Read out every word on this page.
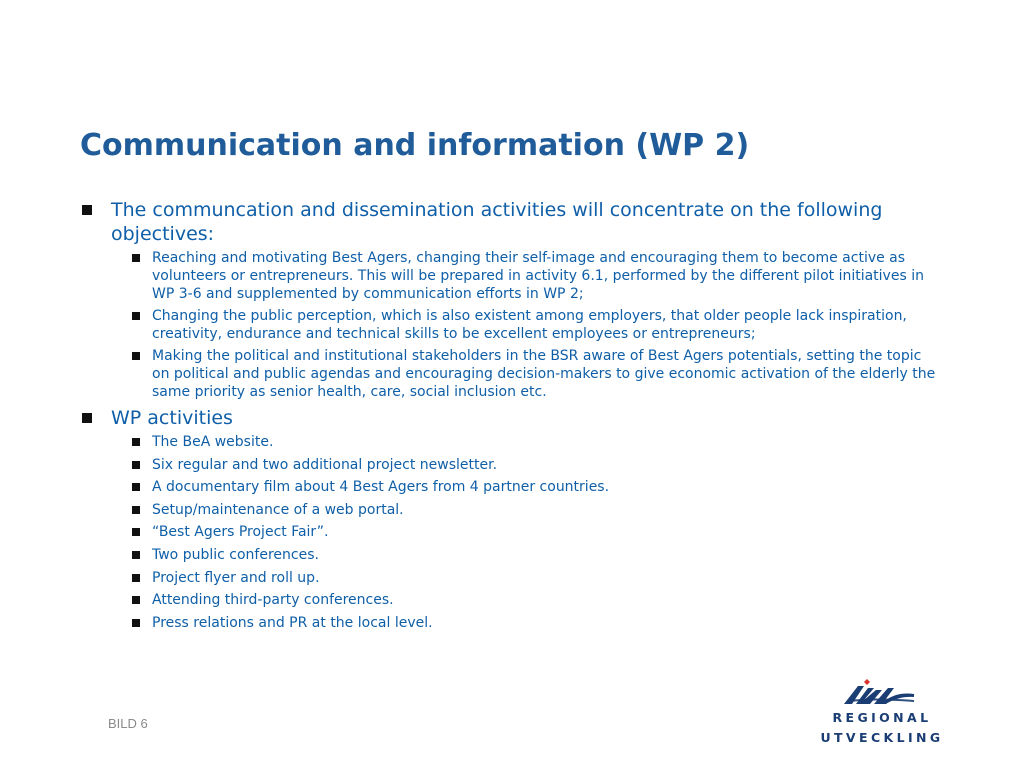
Communication and information (WP 2)
The communcation and dissemination activities will concentrate on the following objectives:
Reaching and motivating Best Agers, changing their self-image and encouraging them to become active as volunteers or entrepreneurs. This will be prepared in activity 6.1, performed by the different pilot initiatives in WP 3-6 and supplemented by communication efforts in WP 2;
Changing the public perception, which is also existent among employers, that older people lack inspiration, creativity, endurance and technical skills to be excellent employees or entrepreneurs;
Making the political and institutional stakeholders in the BSR aware of Best Agers potentials, setting the topic on political and public agendas and encouraging decision-makers to give economic activation of the elderly the same priority as senior health, care, social inclusion etc.
WP activities
The BeA website.
Six regular and two additional project newsletter.
A documentary film about 4 Best Agers from 4 partner countries.
Setup/maintenance of a web portal.
“Best Agers Project Fair”.
Two public conferences.
Project flyer and roll up.
Attending third-party conferences.
Press relations and PR at the local level.
BILD 6	REGIONAL
UTVECKLING
